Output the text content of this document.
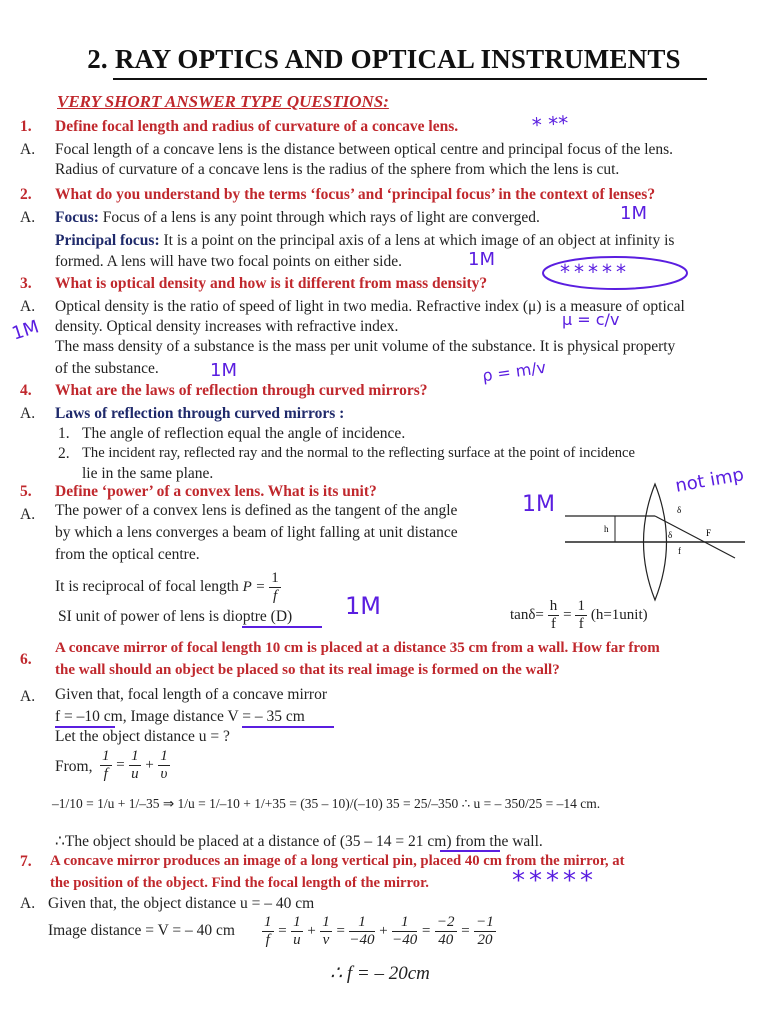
2. RAY OPTICS AND OPTICAL INSTRUMENTS
VERY SHORT ANSWER TYPE QUESTIONS:
1. Define focal length and radius of curvature of a concave lens.	* **
A. Focal length of a concave lens is the distance between optical centre and principal focus of the lens.
Radius of curvature of a concave lens is the radius of the sphere from which the lens is cut.
2. What do you understand by the terms ‘focus’ and ‘principal focus’ in the context of lenses?
A. Focus: Focus of a lens is any point through which rays of light are converged.	1M
Principal focus: It is a point on the principal axis of a lens at which image of an object at infinity is
formed. A lens will have two focal points on either side.	1M
3. What is optical density and how is it different from mass density?	*****
A. Optical density is the ratio of speed of light in two media. Refractive index (μ) is a measure of optical
density. Optical density increases with refractive index.
1M	μ = c/v
The mass density of a substance is the mass per unit volume of the substance. It is physical property
of the substance.	1M	ρ = m/v
4. What are the laws of reflection through curved mirrors?
A. Laws of reflection through curved mirrors :
1. The angle of reflection equal the angle of incidence.
2. The incident ray, reflected ray and the normal to the reflecting surface at the point of incidence
lie in the same plane.
5. Define ‘power’ of a convex lens. What is its unit?	not imp
A. The power of a convex lens is defined as the tangent of the angle
by which a lens converges a beam of light falling at unit distance
from the optical centre.
1M
h
δ
δ	F
f
It is reciprocal of focal length $P = \frac{1}{f}$
SI unit of power of lens is dioptre (D) 1M	$\tan\delta= \frac{h}{f} = \frac{1}{f}$ (h=1unit)
6.
A concave mirror of focal length 10 cm is placed at a distance 35 cm from a wall. How far from
the wall should an object be placed so that its real image is formed on the wall?
A. Given that, focal length of a concave mirror
f = –10 cm, Image distance V = – 35 cm
Let the object distance u = ?
From, $\frac{1}{f} = \frac{1}{u} + \frac{1}{\upsilon}$
–1/10 = 1/u + 1/–35 ⇒ 1/u = 1/–10 + 1/+35 = (35 – 10)/(–10) 35 = 25/–350 ∴ u = – 350/25 = –14 cm.
∴The object should be placed at a distance of (35 – 14 = 21 cm) from the wall.
7. A concave mirror produces an image of a long vertical pin, placed 40 cm from the mirror, at
the position of the object. Find the focal length of the mirror.	*****
A. Given that, the object distance u = – 40 cm
Image distance = V = – 40 cm $\frac{1}{f} = \frac{1}{u} + \frac{1}{v} = \frac{1}{-40} + \frac{1}{-40} = \frac{-2}{40} = \frac{-1}{20}$
∴ f = – 20cm
